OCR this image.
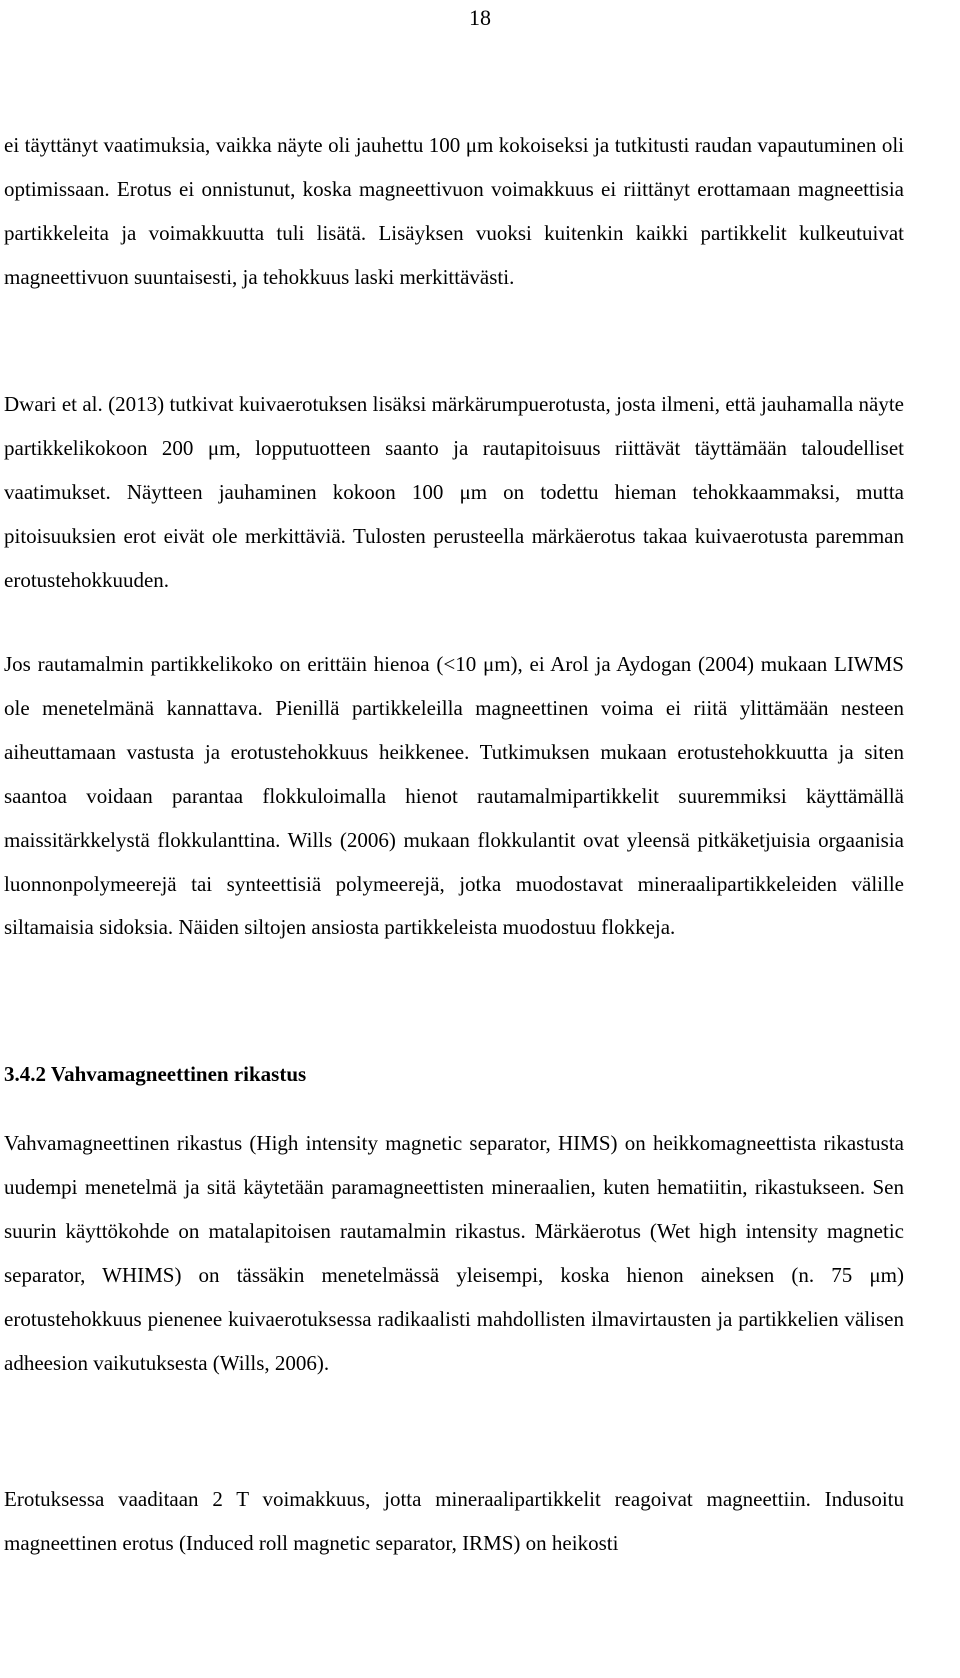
18

ei täyttänyt vaatimuksia, vaikka näyte oli jauhettu 100 μm kokoiseksi ja tutkitusti raudan vapautuminen oli optimissaan. Erotus ei onnistunut, koska magneettivuon voimakkuus ei riittänyt erottamaan magneettisia partikkeleita ja voimakkuutta tuli lisätä. Lisäyksen vuoksi kuitenkin kaikki partikkelit kulkeutuivat magneettivuon suuntaisesti, ja tehokkuus laski merkittävästi.

Dwari et al. (2013) tutkivat kuivaerotuksen lisäksi märkärumpuerotusta, josta ilmeni, että jauhamalla näyte partikkelikokoon 200 μm, lopputuotteen saanto ja rautapitoisuus riittävät täyttämään taloudelliset vaatimukset. Näytteen jauhaminen kokoon 100 μm on todettu hieman tehokkaammaksi, mutta pitoisuuksien erot eivät ole merkittäviä. Tulosten perusteella märkäerotus takaa kuivaerotusta paremman erotustehokkuuden.

Jos rautamalmin partikkelikoko on erittäin hienoa (<10 μm), ei Arol ja Aydogan (2004) mukaan LIWMS ole menetelmänä kannattava. Pienillä partikkeleilla magneettinen voima ei riitä ylittämään nesteen aiheuttamaan vastusta ja erotustehokkuus heikkenee. Tutkimuksen mukaan erotustehokkuutta ja siten saantoa voidaan parantaa flokkuloimalla hienot rautamalmipartikkelit suuremmiksi käyttämällä maissitärkkelystä flokkulanttina. Wills (2006) mukaan flokkulantit ovat yleensä pitkäketjuisia orgaanisia luonnonpolymeerejä tai synteettisiä polymeerejä, jotka muodostavat mineraalipartikkeleiden välille siltamaisia sidoksia. Näiden siltojen ansiosta partikkeleista muodostuu flokkeja.

3.4.2 Vahvamagneettinen rikastus

Vahvamagneettinen rikastus (High intensity magnetic separator, HIMS) on heikkomagneettista rikastusta uudempi menetelmä ja sitä käytetään paramagneettisten mineraalien, kuten hematiitin, rikastukseen. Sen suurin käyttökohde on matalapitoisen rautamalmin rikastus. Märkäerotus (Wet high intensity magnetic separator, WHIMS) on tässäkin menetelmässä yleisempi, koska hienon aineksen (n. 75 μm) erotustehokkuus pienenee kuivaerotuksessa radikaalisti mahdollisten ilmavirtausten ja partikkelien välisen adheesion vaikutuksesta (Wills, 2006).

Erotuksessa vaaditaan 2 T voimakkuus, jotta mineraalipartikkelit reagoivat magneettiin. Indusoitu magneettinen erotus (Induced roll magnetic separator, IRMS) on heikosti
